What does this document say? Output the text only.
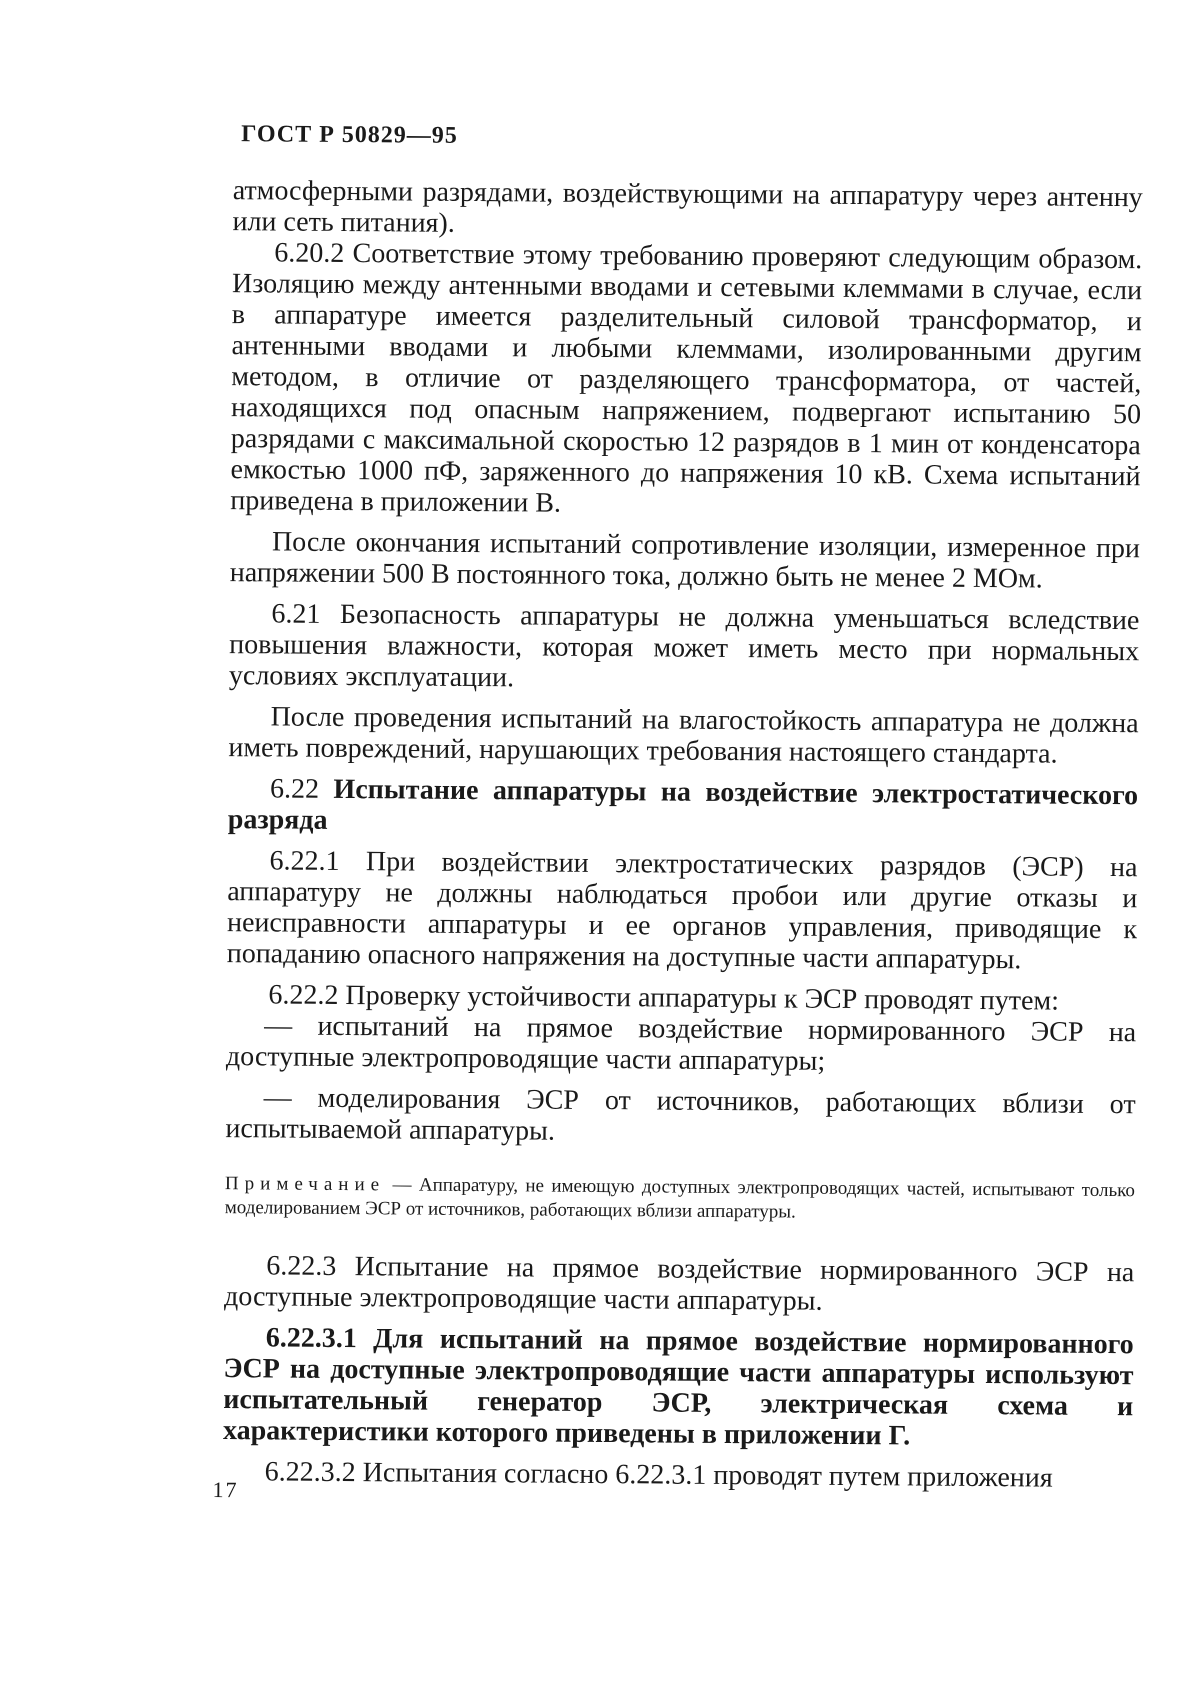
ГОСТ Р 50829—95

атмосферными разрядами, воздействующими на аппаратуру через антенну или сеть питания).

6.20.2 Соответствие этому требованию проверяют следующим образом. Изоляцию между антенными вводами и сетевыми клеммами в случае, если в аппаратуре имеется разделительный силовой трансформатор, и антенными вводами и любыми клеммами, изолированными другим методом, в отличие от разделяющего трансформатора, от частей, находящихся под опасным напряжением, подвергают испытанию 50 разрядами с максимальной скоростью 12 разрядов в 1 мин от конденсатора емкостью 1000 пФ, заряженного до напряжения 10 кВ. Схема испытаний приведена в приложении В.

После окончания испытаний сопротивление изоляции, измеренное при напряжении 500 В постоянного тока, должно быть не менее 2 МОм.

6.21 Безопасность аппаратуры не должна уменьшаться вследствие повышения влажности, которая может иметь место при нормальных условиях эксплуатации.

После проведения испытаний на влагостойкость аппаратура не должна иметь повреждений, нарушающих требования настоящего стандарта.

6.22 Испытание аппаратуры на воздействие электростатического разряда

6.22.1 При воздействии электростатических разрядов (ЭСР) на аппаратуру не должны наблюдаться пробои или другие отказы и неисправности аппаратуры и ее органов управления, приводящие к попаданию опасного напряжения на доступные части аппаратуры.

6.22.2 Проверку устойчивости аппаратуры к ЭСР проводят путем:

— испытаний на прямое воздействие нормированного ЭСР на доступные электропроводящие части аппаратуры;

— моделирования ЭСР от источников, работающих вблизи от испытываемой аппаратуры.

Примечание — Аппаратуру, не имеющую доступных электропроводящих частей, испытывают только моделированием ЭСР от источников, работающих вблизи аппаратуры.

6.22.3 Испытание на прямое воздействие нормированного ЭСР на доступные электропроводящие части аппаратуры.

6.22.3.1 Для испытаний на прямое воздействие нормированного ЭСР на доступные электропроводящие части аппаратуры используют испытательный генератор ЭСР, электрическая схема и характеристики которого приведены в приложении Г.

6.22.3.2 Испытания согласно 6.22.3.1 проводят путем приложения

17
